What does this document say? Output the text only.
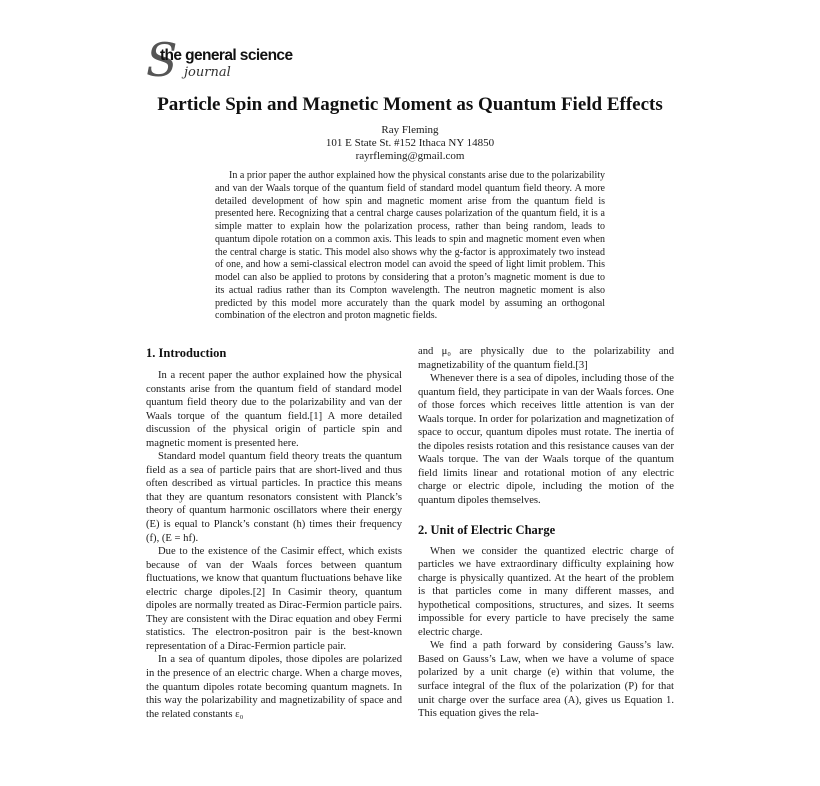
S
the general science
journal
Particle Spin and Magnetic Moment as Quantum Field Effects
Ray Fleming
101 E State St. #152 Ithaca NY 14850
rayrfleming@gmail.com

In a prior paper the author explained how the physical constants arise due to the polarizability and van der Waals torque of the quantum field of standard model quantum field theory. A more detailed development of how spin and magnetic moment arise from the quantum field is presented here. Recognizing that a central charge causes polarization of the quantum field, it is a simple matter to explain how the polarization process, rather than being random, leads to quantum dipole rotation on a common axis. This leads to spin and magnetic moment even when the central charge is static. This model also shows why the g-factor is approximately two instead of one, and how a semi-classical electron model can avoid the speed of light limit problem. This model can also be applied to protons by considering that a proton’s magnetic moment is due to its actual radius rather than its Compton wavelength. The neutron magnetic moment is also predicted by this model more accurately than the quark model by assuming an orthogonal combination of the electron and proton magnetic fields.

1. Introduction

In a recent paper the author explained how the physical constants arise from the quantum field of standard model quantum field theory due to the polarizability and van der Waals torque of the quantum field.[1] A more detailed discussion of the physical origin of particle spin and magnetic moment is presented here.

Standard model quantum field theory treats the quantum field as a sea of particle pairs that are short-lived and thus often described as virtual particles. In practice this means that they are quantum resonators consistent with Planck’s theory of quantum harmonic oscillators where their energy (E) is equal to Planck’s constant (h) times their frequency (f), (E = hf).

Due to the existence of the Casimir effect, which exists because of van der Waals forces between quantum fluctuations, we know that quantum fluctuations behave like electric charge dipoles.[2] In Casimir theory, quantum dipoles are normally treated as Dirac-Fermion particle pairs. They are consistent with the Dirac equation and obey Fermi statistics. The electron-positron pair is the best-known representation of a Dirac-Fermion particle pair.

In a sea of quantum dipoles, those dipoles are polarized in the presence of an electric charge. When a charge moves, the quantum dipoles rotate becoming quantum magnets. In this way the polarizability and magnetizability of space and the related constants ε₀

and μ₀ are physically due to the polarizability and magnetizability of the quantum field.[3]

Whenever there is a sea of dipoles, including those of the quantum field, they participate in van der Waals forces. One of those forces which receives little attention is van der Waals torque. In order for polarization and magnetization of space to occur, quantum dipoles must rotate. The inertia of the dipoles resists rotation and this resistance causes van der Waals torque. The van der Waals torque of the quantum field limits linear and rotational motion of any electric charge or electric dipole, including the motion of the quantum dipoles themselves.

2. Unit of Electric Charge

When we consider the quantized electric charge of particles we have extraordinary difficulty explaining how charge is physically quantized. At the heart of the problem is that particles come in many different masses, and hypothetical compositions, structures, and sizes. It seems impossible for every particle to have precisely the same electric charge.

We find a path forward by considering Gauss’s law. Based on Gauss’s Law, when we have a volume of space polarized by a unit charge (e) within that volume, the surface integral of the flux of the polarization (P) for that unit charge over the surface area (A), gives us Equation 1. This equation gives the rela-
